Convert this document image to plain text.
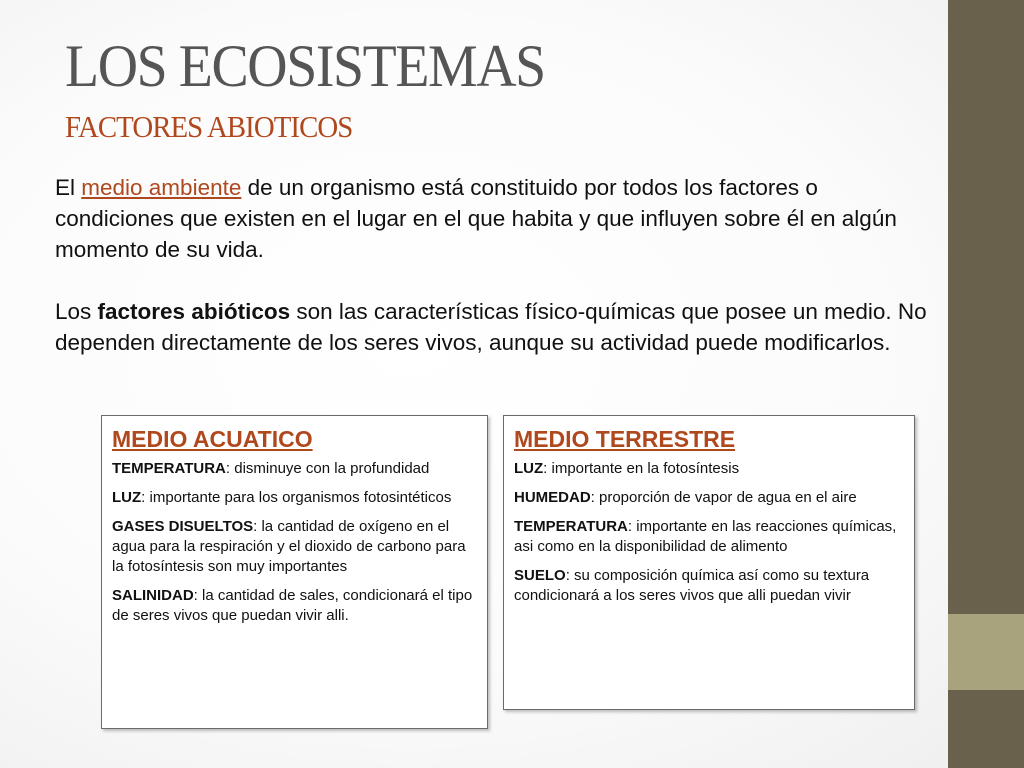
LOS ECOSISTEMAS
FACTORES ABIOTICOS

El medio ambiente de un organismo está constituido por todos los factores o condiciones que existen en el lugar en el que habita y que influyen sobre él en algún momento de su vida.

Los factores abióticos son las características físico-químicas que posee un medio. No dependen directamente de los seres vivos, aunque su actividad puede modificarlos.

MEDIO ACUATICO

TEMPERATURA: disminuye con la profundidad

LUZ: importante para los organismos fotosintéticos

GASES DISUELTOS: la cantidad de oxígeno en el agua para la respiración y el dioxido de carbono para la fotosíntesis son muy importantes

SALINIDAD: la cantidad de sales, condicionará el tipo de seres vivos que puedan vivir alli.

MEDIO TERRESTRE

LUZ: importante en la fotosíntesis

HUMEDAD: proporción de vapor de agua en el aire

TEMPERATURA: importante en las reacciones químicas, asi como en la disponibilidad de alimento

SUELO: su composición química así como su textura condicionará a los seres vivos que alli puedan vivir
